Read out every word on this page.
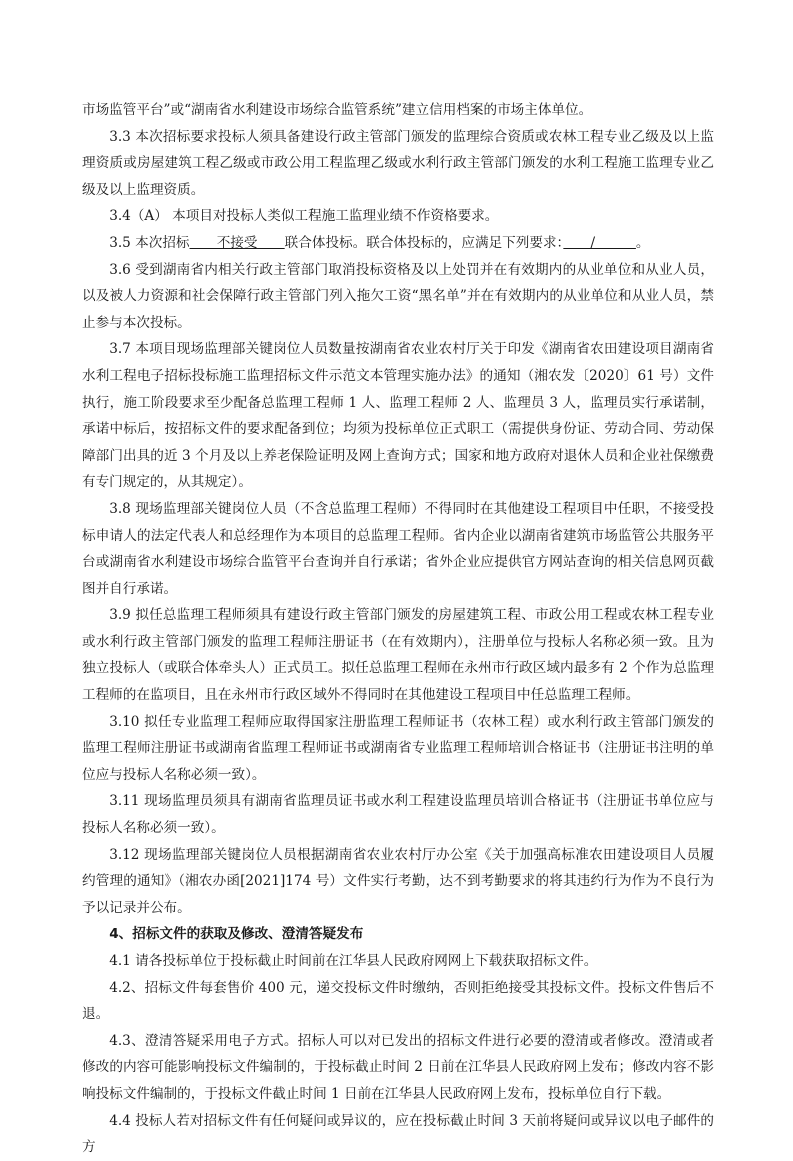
市场监管平台”或“湖南省水利建设市场综合监管系统”建立信用档案的市场主体单位。

3.3 本次招标要求投标人须具备建设行政主管部门颁发的监理综合资质或农林工程专业乙级及以上监理资质或房屋建筑工程乙级或市政公用工程监理乙级或水利行政主管部门颁发的水利工程施工监理专业乙级及以上监理资质。

3.4（A） 本项目对投标人类似工程施工监理业绩不作资格要求。

3.5 本次招标　　不接受　　联合体投标。联合体投标的，应满足下列要求：　　/　　　。

3.6 受到湖南省内相关行政主管部门取消投标资格及以上处罚并在有效期内的从业单位和从业人员，以及被人力资源和社会保障行政主管部门列入拖欠工资“黑名单”并在有效期内的从业单位和从业人员，禁止参与本次投标。

3.7 本项目现场监理部关键岗位人员数量按湖南省农业农村厅关于印发《湖南省农田建设项目湖南省水利工程电子招标投标施工监理招标文件示范文本管理实施办法》的通知（湘农发〔2020〕61 号）文件执行，施工阶段要求至少配备总监理工程师 1 人、监理工程师 2 人、监理员 3 人，监理员实行承诺制，承诺中标后，按招标文件的要求配备到位；均须为投标单位正式职工（需提供身份证、劳动合同、劳动保障部门出具的近 3 个月及以上养老保险证明及网上查询方式；国家和地方政府对退休人员和企业社保缴费有专门规定的，从其规定）。

3.8 现场监理部关键岗位人员（不含总监理工程师）不得同时在其他建设工程项目中任职，不接受投标申请人的法定代表人和总经理作为本项目的总监理工程师。省内企业以湖南省建筑市场监管公共服务平台或湖南省水利建设市场综合监管平台查询并自行承诺；省外企业应提供官方网站查询的相关信息网页截图并自行承诺。

3.9 拟任总监理工程师须具有建设行政主管部门颁发的房屋建筑工程、市政公用工程或农林工程专业或水利行政主管部门颁发的监理工程师注册证书（在有效期内），注册单位与投标人名称必须一致。且为独立投标人（或联合体牵头人）正式员工。拟任总监理工程师在永州市行政区域内最多有 2 个作为总监理工程师的在监项目，且在永州市行政区域外不得同时在其他建设工程项目中任总监理工程师。

3.10 拟任专业监理工程师应取得国家注册监理工程师证书（农林工程）或水利行政主管部门颁发的监理工程师注册证书或湖南省监理工程师证书或湖南省专业监理工程师培训合格证书（注册证书注明的单位应与投标人名称必须一致）。

3.11 现场监理员须具有湖南省监理员证书或水利工程建设监理员培训合格证书（注册证书单位应与投标人名称必须一致）。

3.12 现场监理部关键岗位人员根据湖南省农业农村厅办公室《关于加强高标准农田建设项目人员履约管理的通知》（湘农办函[2021]174 号）文件实行考勤，达不到考勤要求的将其违约行为作为不良行为予以记录并公布。

4、招标文件的获取及修改、澄清答疑发布

4.1 请各投标单位于投标截止时间前在江华县人民政府网网上下载获取招标文件。

4.2、招标文件每套售价 400 元，递交投标文件时缴纳，否则拒绝接受其投标文件。投标文件售后不退。

4.3、澄清答疑采用电子方式。招标人可以对已发出的招标文件进行必要的澄清或者修改。澄清或者修改的内容可能影响投标文件编制的，于投标截止时间 2 日前在江华县人民政府网上发布；修改内容不影响投标文件编制的，于投标文件截止时间 1 日前在江华县人民政府网上发布，投标单位自行下载。

4.4 投标人若对招标文件有任何疑问或异议的，应在投标截止时间 3 天前将疑问或异议以电子邮件的方
